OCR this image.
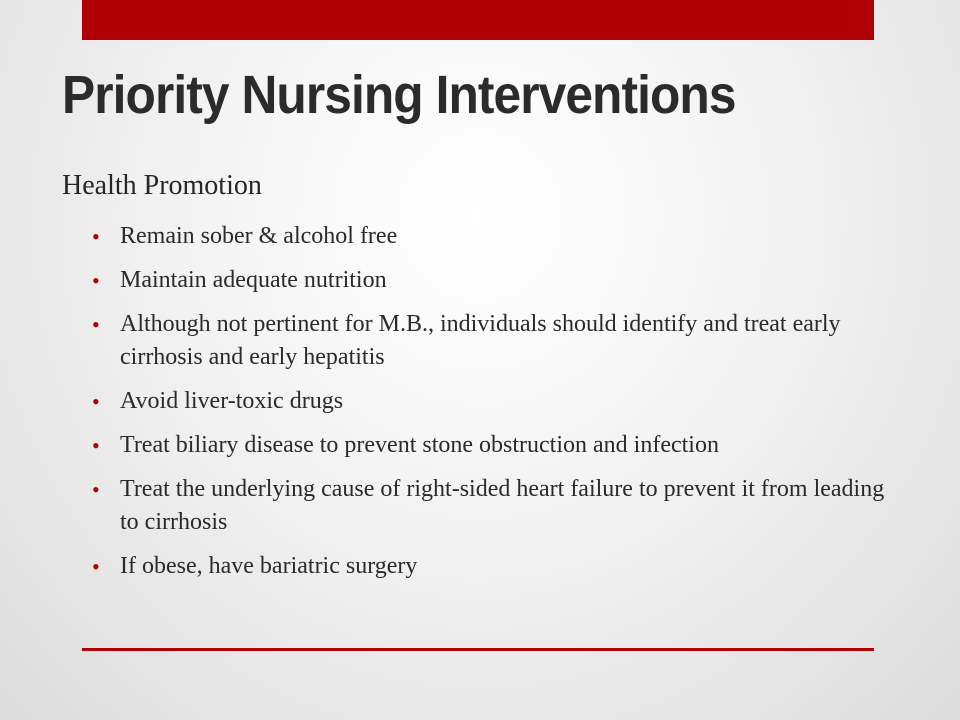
Priority Nursing Interventions
Health Promotion
• Remain sober & alcohol free
• Maintain adequate nutrition
• Although not pertinent for M.B., individuals should identify and treat early cirrhosis and early hepatitis
• Avoid liver-toxic drugs
• Treat biliary disease to prevent stone obstruction and infection
• Treat the underlying cause of right-sided heart failure to prevent it from leading to cirrhosis
• If obese, have bariatric surgery
